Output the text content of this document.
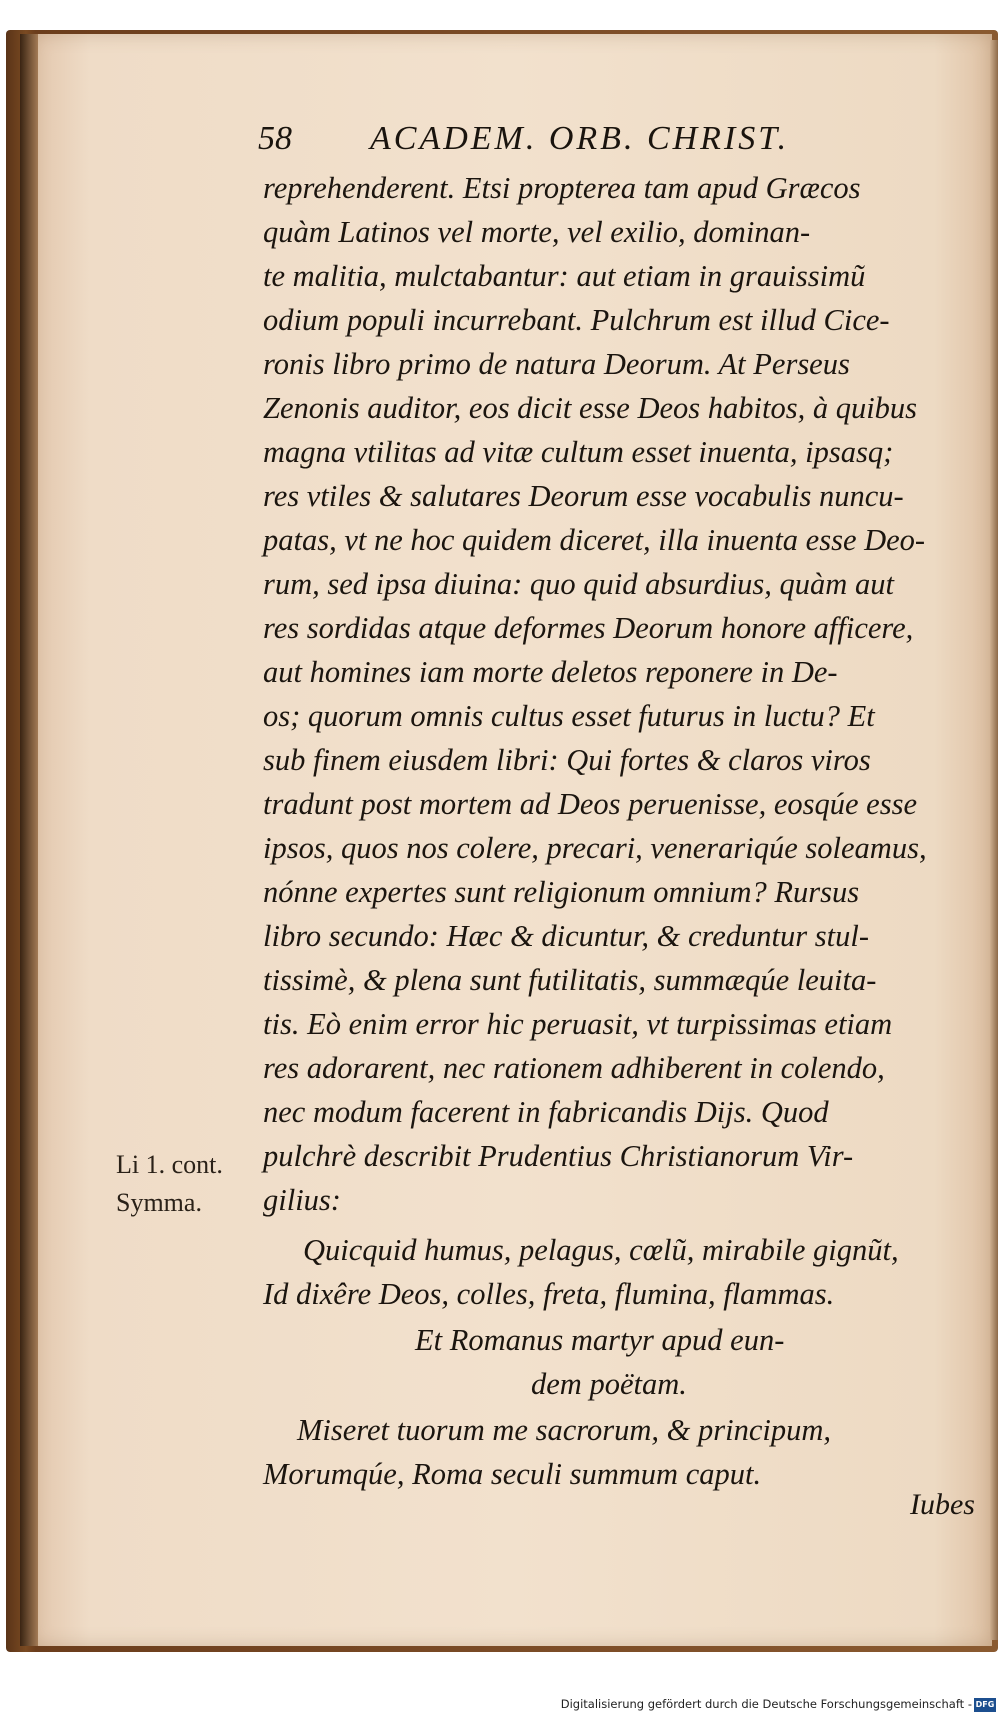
58 ACADEM. ORB. CHRIST.
reprehenderent. Etsi propterea tam apud Græcos
quàm Latinos vel morte, vel exilio, dominan-
te malitia, mulctabantur: aut etiam in grauissimũ
odium populi incurrebant. Pulchrum est illud Cice-
ronis libro primo de natura Deorum. At Perseus
Zenonis auditor, eos dicit esse Deos habitos, à quibus
magna vtilitas ad vitæ cultum esset inuenta, ipsasq;
res vtiles & salutares Deorum esse vocabulis nuncu-
patas, vt ne hoc quidem diceret, illa inuenta esse Deo-
rum, sed ipsa diuina: quo quid absurdius, quàm aut
res sordidas atque deformes Deorum honore afficere,
aut homines iam morte deletos reponere in De-
os; quorum omnis cultus esset futurus in luctu? Et
sub finem eiusdem libri: Qui fortes & claros viros
tradunt post mortem ad Deos peruenisse, eosqúe esse
ipsos, quos nos colere, precari, venerariqúe soleamus,
nónne expertes sunt religionum omnium? Rursus
libro secundo: Hæc & dicuntur, & creduntur stul-
tissimè, & plena sunt futilitatis, summæqúe leuita-
tis. Eò enim error hic peruasit, vt turpissimas etiam
res adorarent, nec rationem adhiberent in colendo,
nec modum facerent in fabricandis Dijs. Quod
pulchrè describit Prudentius Christianorum Vir-
gilius:
Quicquid humus, pelagus, cœlũ, mirabile gignũt,
Id dixêre Deos, colles, freta, flumina, flammas.
Et Romanus martyr apud eun-
dem poëtam.
Miseret tuorum me sacrorum, & principum,
Morumqúe, Roma seculi summum caput.
Li 1. cont.
Symma.
Iubes
Digitalisierung gefördert durch die Deutsche Forschungsgemeinschaft - DFG
